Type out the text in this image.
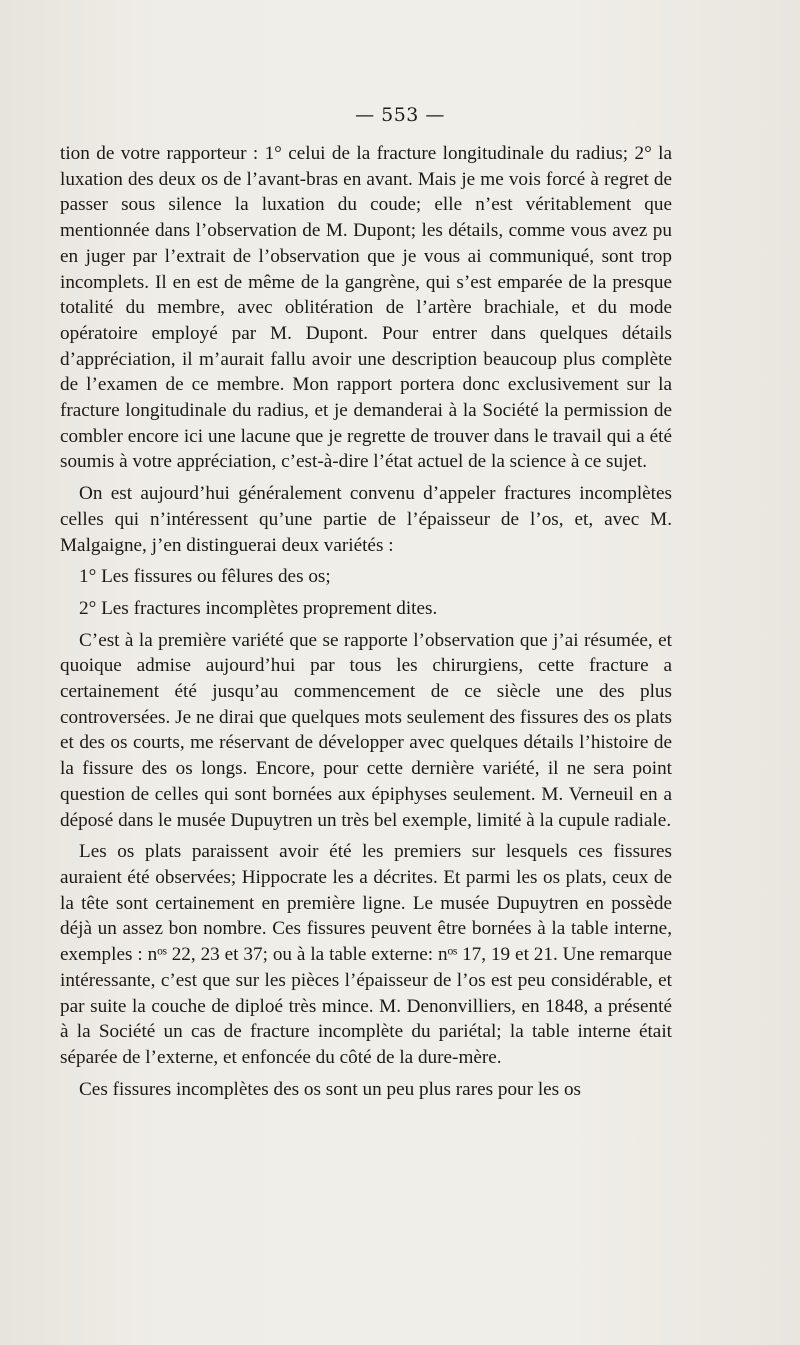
— 553 —

tion de votre rapporteur : 1° celui de la fracture longitudinale du radius; 2° la luxation des deux os de l’avant-bras en avant. Mais je me vois forcé à regret de passer sous silence la luxation du coude; elle n’est véritablement que mentionnée dans l’observation de M. Dupont; les détails, comme vous avez pu en juger par l’extrait de l’observation que je vous ai communiqué, sont trop incomplets. Il en est de même de la gangrène, qui s’est emparée de la presque totalité du membre, avec oblitération de l’artère brachiale, et du mode opératoire employé par M. Dupont. Pour entrer dans quelques détails d’appréciation, il m’aurait fallu avoir une description beaucoup plus complète de l’examen de ce membre. Mon rapport portera donc exclusivement sur la fracture longitudinale du radius, et je demanderai à la Société la permission de combler encore ici une lacune que je regrette de trouver dans le travail qui a été soumis à votre appréciation, c’est-à-dire l’état actuel de la science à ce sujet.

On est aujourd’hui généralement convenu d’appeler fractures incomplètes celles qui n’intéressent qu’une partie de l’épaisseur de l’os, et, avec M. Malgaigne, j’en distinguerai deux variétés :

1° Les fissures ou fêlures des os;

2° Les fractures incomplètes proprement dites.

C’est à la première variété que se rapporte l’observation que j’ai résumée, et quoique admise aujourd’hui par tous les chirurgiens, cette fracture a certainement été jusqu’au commencement de ce siècle une des plus controversées. Je ne dirai que quelques mots seulement des fissures des os plats et des os courts, me réservant de développer avec quelques détails l’histoire de la fissure des os longs. Encore, pour cette dernière variété, il ne sera point question de celles qui sont bornées aux épiphyses seulement. M. Verneuil en a déposé dans le musée Dupuytren un très bel exemple, limité à la cupule radiale.

Les os plats paraissent avoir été les premiers sur lesquels ces fissures auraient été observées; Hippocrate les a décrites. Et parmi les os plats, ceux de la tête sont certainement en première ligne. Le musée Dupuytren en possède déjà un assez bon nombre. Ces fissures peuvent être bornées à la table interne, exemples : nᵒˢ 22, 23 et 37; ou à la table externe: nᵒˢ 17, 19 et 21. Une remarque intéressante, c’est que sur les pièces l’épaisseur de l’os est peu considérable, et par suite la couche de diploé très mince. M. Denonvilliers, en 1848, a présenté à la Société un cas de fracture incomplète du pariétal; la table interne était séparée de l’externe, et enfoncée du côté de la dure-mère.

Ces fissures incomplètes des os sont un peu plus rares pour les os
